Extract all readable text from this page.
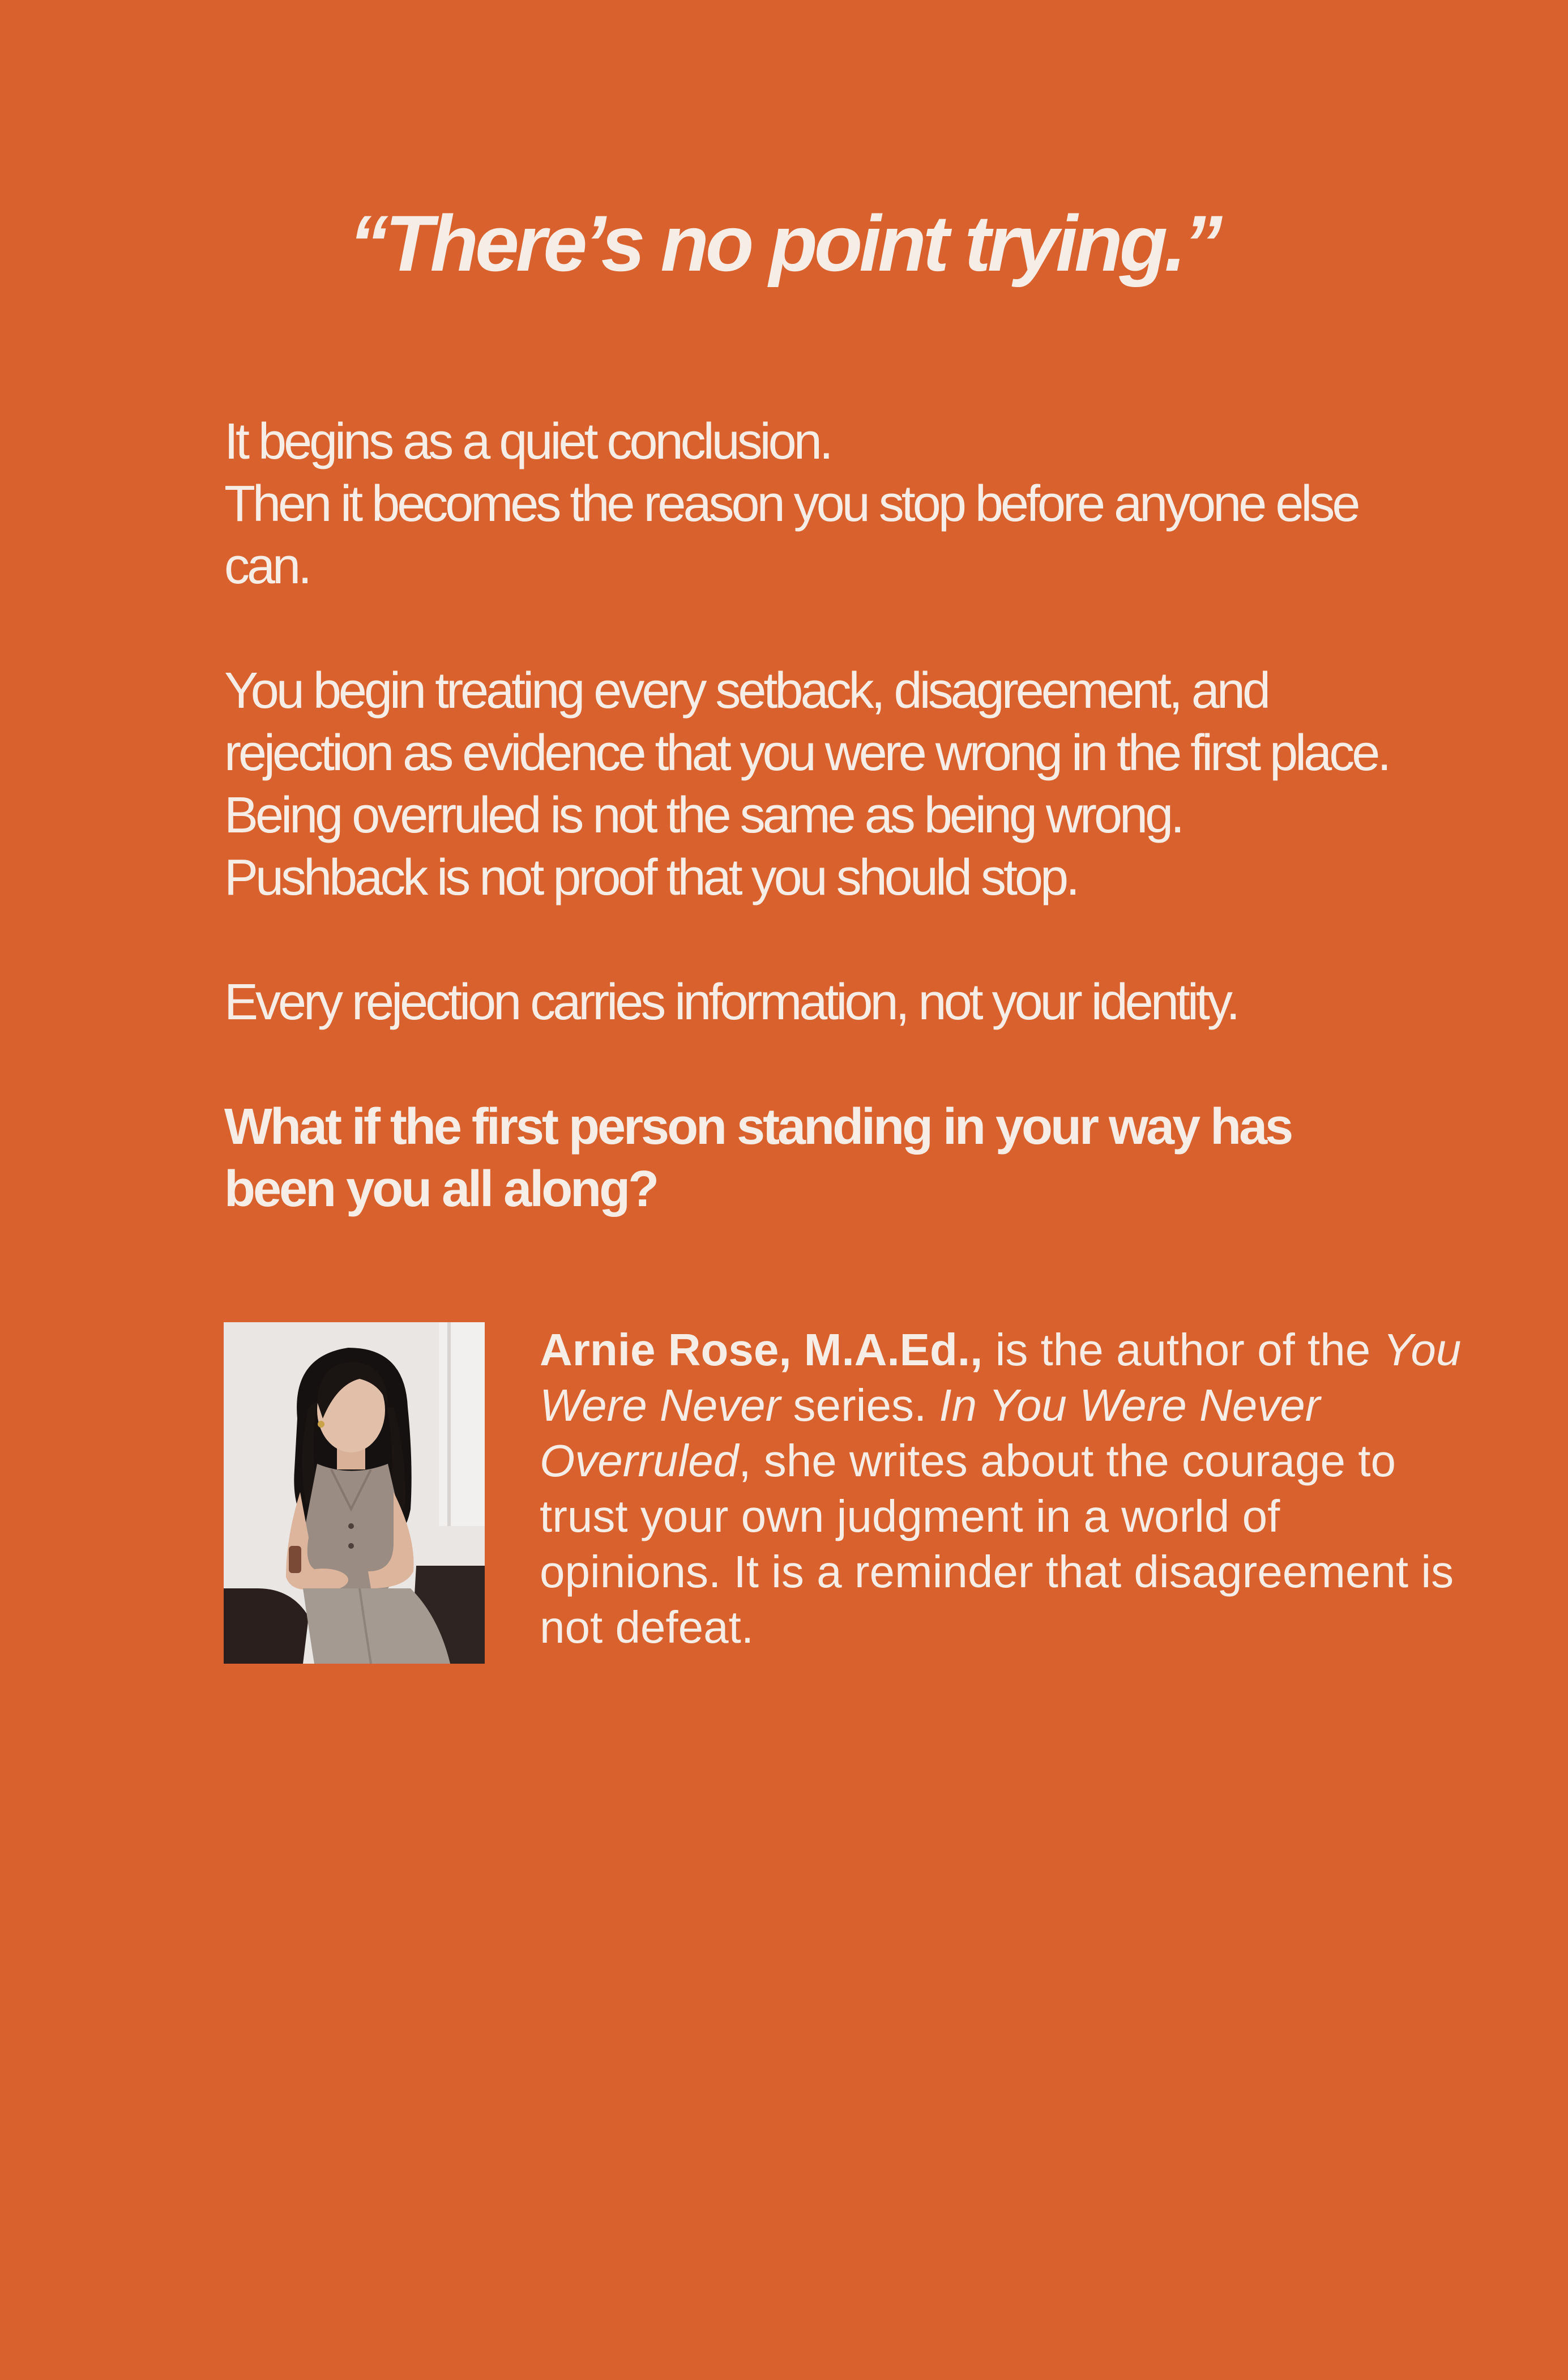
“There’s no point trying.”

It begins as a quiet conclusion.
Then it becomes the reason you stop before anyone else can.

You begin treating every setback, disagreement, and rejection as evidence that you were wrong in the first place. Being overruled is not the same as being wrong. Pushback is not proof that you should stop.

Every rejection carries information, not your identity.

What if the first person standing in your way has been you all along?

Arnie Rose, M.A.Ed., is the author of the You Were Never series. In You Were Never Overruled, she writes about the courage to trust your own judgment in a world of opinions. It is a reminder that disagreement is not defeat.
